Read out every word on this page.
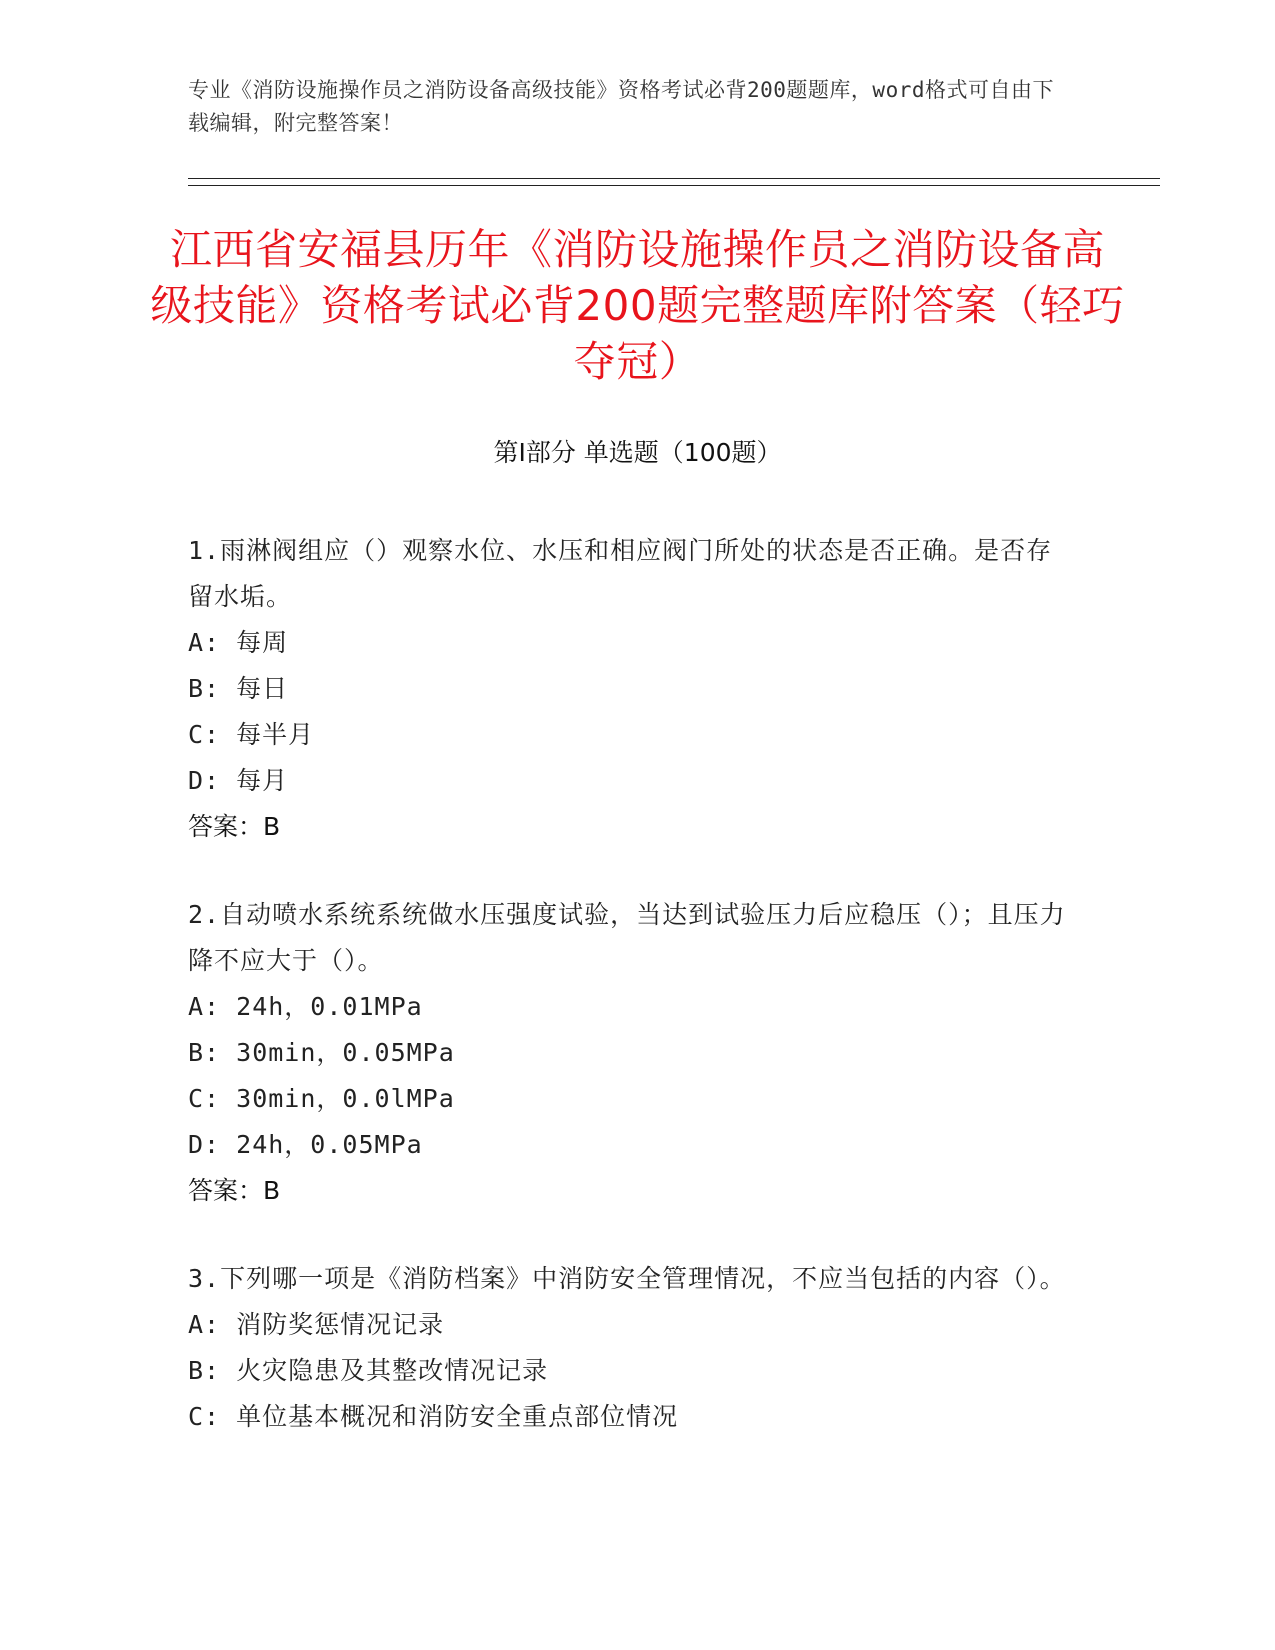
专业《消防设施操作员之消防设备高级技能》资格考试必背200题题库，word格式可自由下载编辑，附完整答案！
江西省安福县历年《消防设施操作员之消防设备高级技能》资格考试必背200题完整题库附答案（轻巧夺冠）
第I部分 单选题（100题）
1.雨淋阀组应（）观察水位、水压和相应阀门所处的状态是否正确。是否存留水垢。
A: 每周
B: 每日
C: 每半月
D: 每月
答案：B
2.自动喷水系统系统做水压强度试验，当达到试验压力后应稳压（）；且压力降不应大于（）。
A: 24h，0.01MPa
B: 30min，0.05MPa
C: 30min，0.0lMPa
D: 24h，0.05MPa
答案：B
3.下列哪一项是《消防档案》中消防安全管理情况，不应当包括的内容（）。
A: 消防奖惩情况记录
B: 火灾隐患及其整改情况记录
C: 单位基本概况和消防安全重点部位情况
